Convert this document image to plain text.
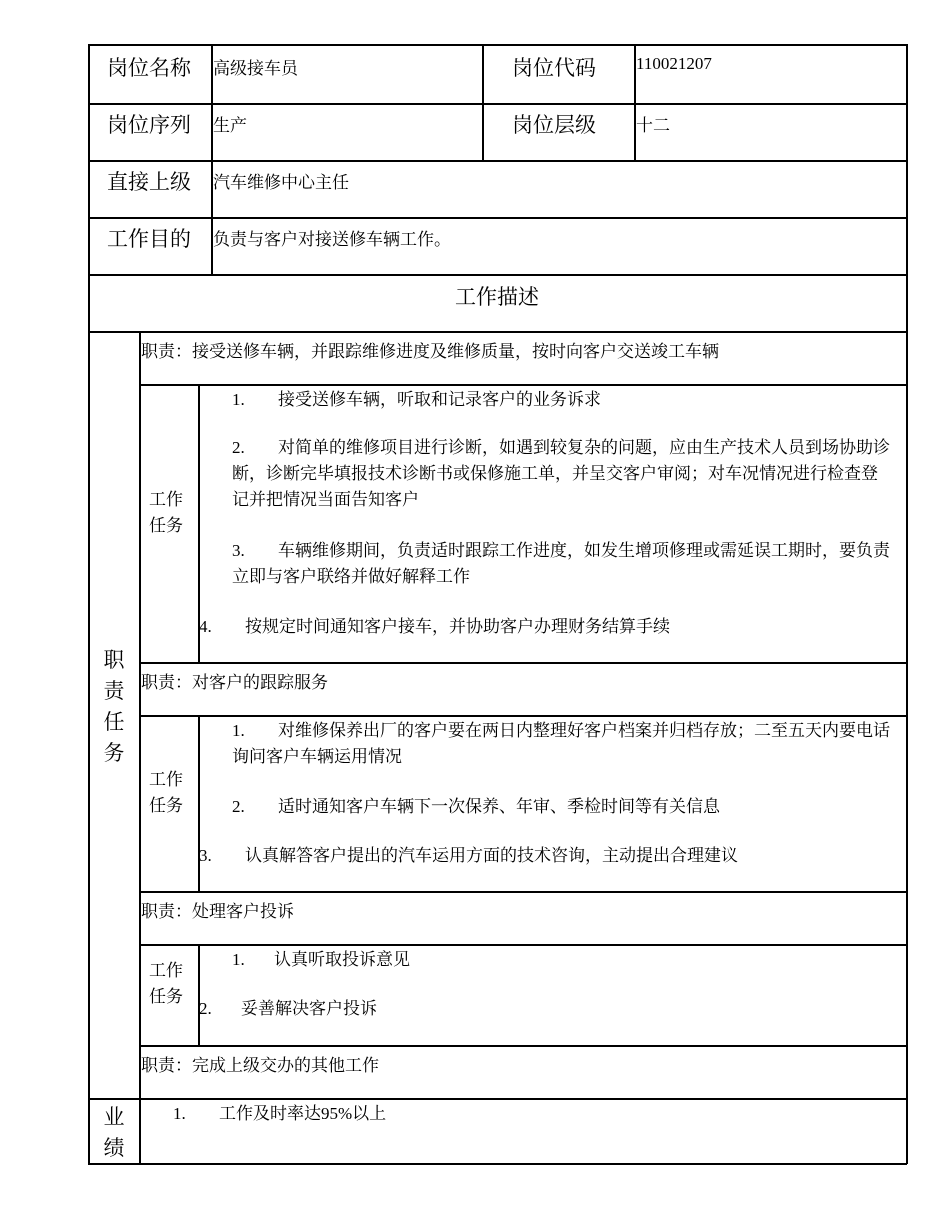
岗位名称 高级接车员	岗位代码 110021207
岗位序列 生产	岗位层级 十二
直接上级 汽车维修中心主任
工作目的 负责与客户对接送修车辆工作。
工作描述
职
责
任
务
职责：接受送修车辆，并跟踪维修进度及维修质量，按时向客户交送竣工车辆
工作
任务
1. 接受送修车辆，听取和记录客户的业务诉求
2. 对简单的维修项目进行诊断，如遇到较复杂的问题，应由生产技术人员到场协助诊断，诊断完毕填报技术诊断书或保修施工单，并呈交客户审阅；对车况情况进行检查登记并把情况当面告知客户
3. 车辆维修期间，负责适时跟踪工作进度，如发生增项修理或需延误工期时，要负责立即与客户联络并做好解释工作
4. 按规定时间通知客户接车，并协助客户办理财务结算手续
职责：对客户的跟踪服务
工作
任务
1. 对维修保养出厂的客户要在两日内整理好客户档案并归档存放；二至五天内要电话询问客户车辆运用情况
2. 适时通知客户车辆下一次保养、年审、季检时间等有关信息
3. 认真解答客户提出的汽车运用方面的技术咨询，主动提出合理建议
职责：处理客户投诉
工作
任务
1. 认真听取投诉意见
2. 妥善解决客户投诉
职责：完成上级交办的其他工作
业
绩
1. 工作及时率达95%以上
